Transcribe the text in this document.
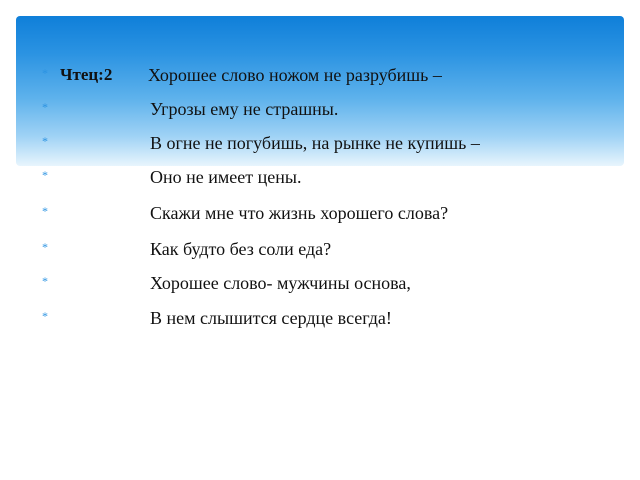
* Чтец:2 Хорошее слово ножом не разрубишь –
*	Угрозы ему не страшны.
*	В огне не погубишь, на рынке не купишь –
*	Оно не имеет цены.
*	Скажи мне что жизнь хорошего слова?
*	Как будто без соли еда?
*	Хорошее слово- мужчины основа,
*	В нем слышится сердце всегда!
